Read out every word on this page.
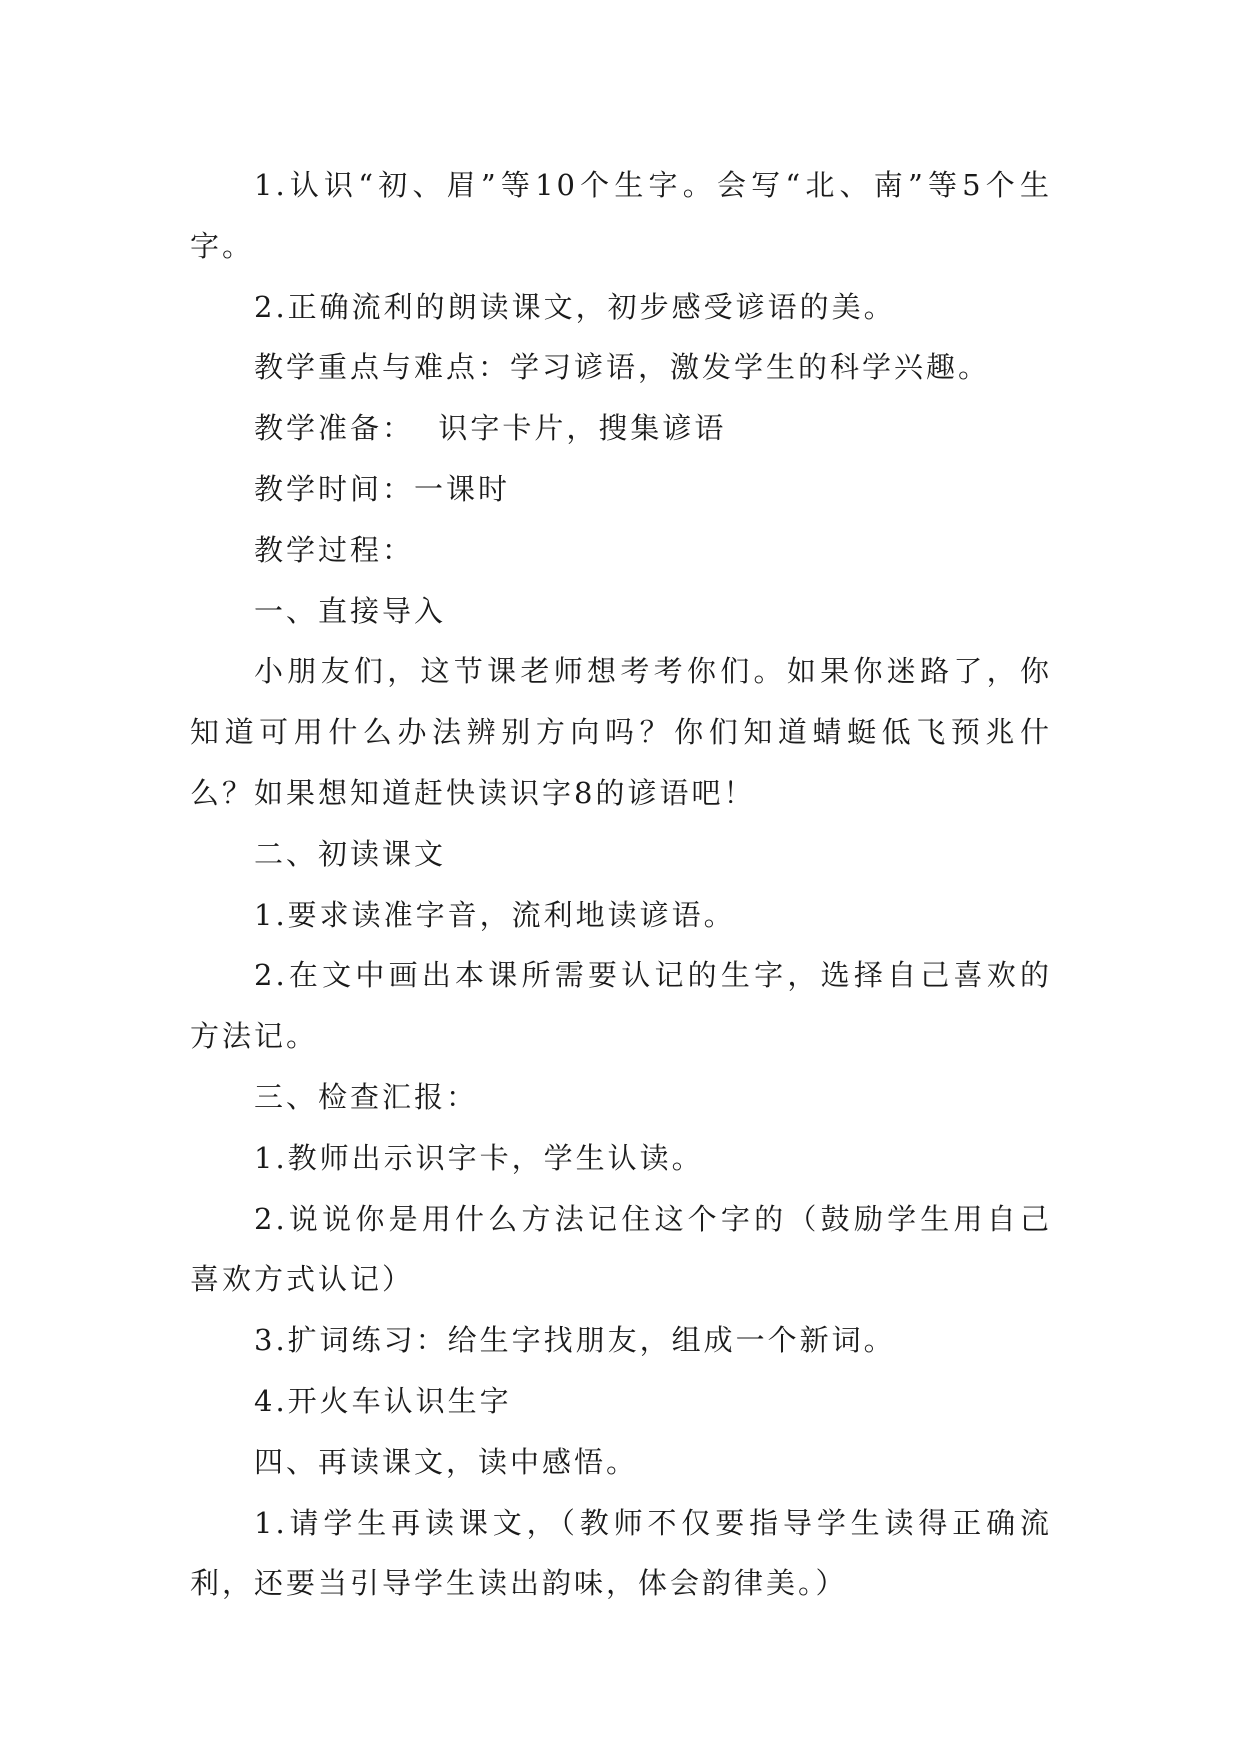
1.认识“初、眉”等10个生字。会写“北、南”等5个生字。

2.正确流利的朗读课文，初步感受谚语的美。

教学重点与难点：学习谚语，激发学生的科学兴趣。

教学准备：  识字卡片，搜集谚语

教学时间：一课时

教学过程：

一、直接导入

小朋友们，这节课老师想考考你们。如果你迷路了，你知道可用什么办法辨别方向吗？你们知道蜻蜓低飞预兆什么？如果想知道赶快读识字8的谚语吧！

二、初读课文

1.要求读准字音，流利地读谚语。

2.在文中画出本课所需要认记的生字，选择自己喜欢的方法记。

三、检查汇报：

1.教师出示识字卡，学生认读。

2.说说你是用什么方法记住这个字的（鼓励学生用自己喜欢方式认记）

3.扩词练习：给生字找朋友，组成一个新词。

4.开火车认识生字

四、再读课文，读中感悟。

1.请学生再读课文，（教师不仅要指导学生读得正确流利，还要当引导学生读出韵味，体会韵律美。）
